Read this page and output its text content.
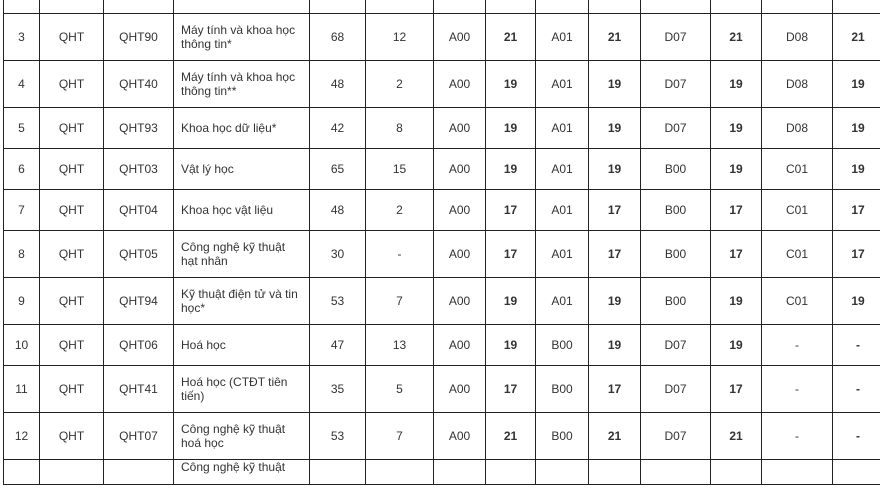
3	QHT	QHT90	Máy tính và khoa học thông tin*	68	12	A00	21	A01	21	D07	21	D08	21
4	QHT	QHT40	Máy tính và khoa học thông tin**	48	2	A00	19	A01	19	D07	19	D08	19
5	QHT	QHT93	Khoa học dữ liệu*	42	8	A00	19	A01	19	D07	19	D08	19
6	QHT	QHT03	Vật lý học	65	15	A00	19	A01	19	B00	19	C01	19
7	QHT	QHT04	Khoa học vật liệu	48	2	A00	17	A01	17	B00	17	C01	17
8	QHT	QHT05	Công nghệ kỹ thuật hạt nhân	30	-	A00	17	A01	17	B00	17	C01	17
9	QHT	QHT94	Kỹ thuật điện tử và tin học*	53	7	A00	19	A01	19	B00	19	C01	19
10	QHT	QHT06	Hoá học	47	13	A00	19	B00	19	D07	19	-	-
11	QHT	QHT41	Hoá học (CTĐT tiên tiến)	35	5	A00	17	B00	17	D07	17	-	-
12	QHT	QHT07	Công nghệ kỹ thuật hoá học	53	7	A00	21	B00	21	D07	21	-	-
			Công nghệ kỹ thuật										
